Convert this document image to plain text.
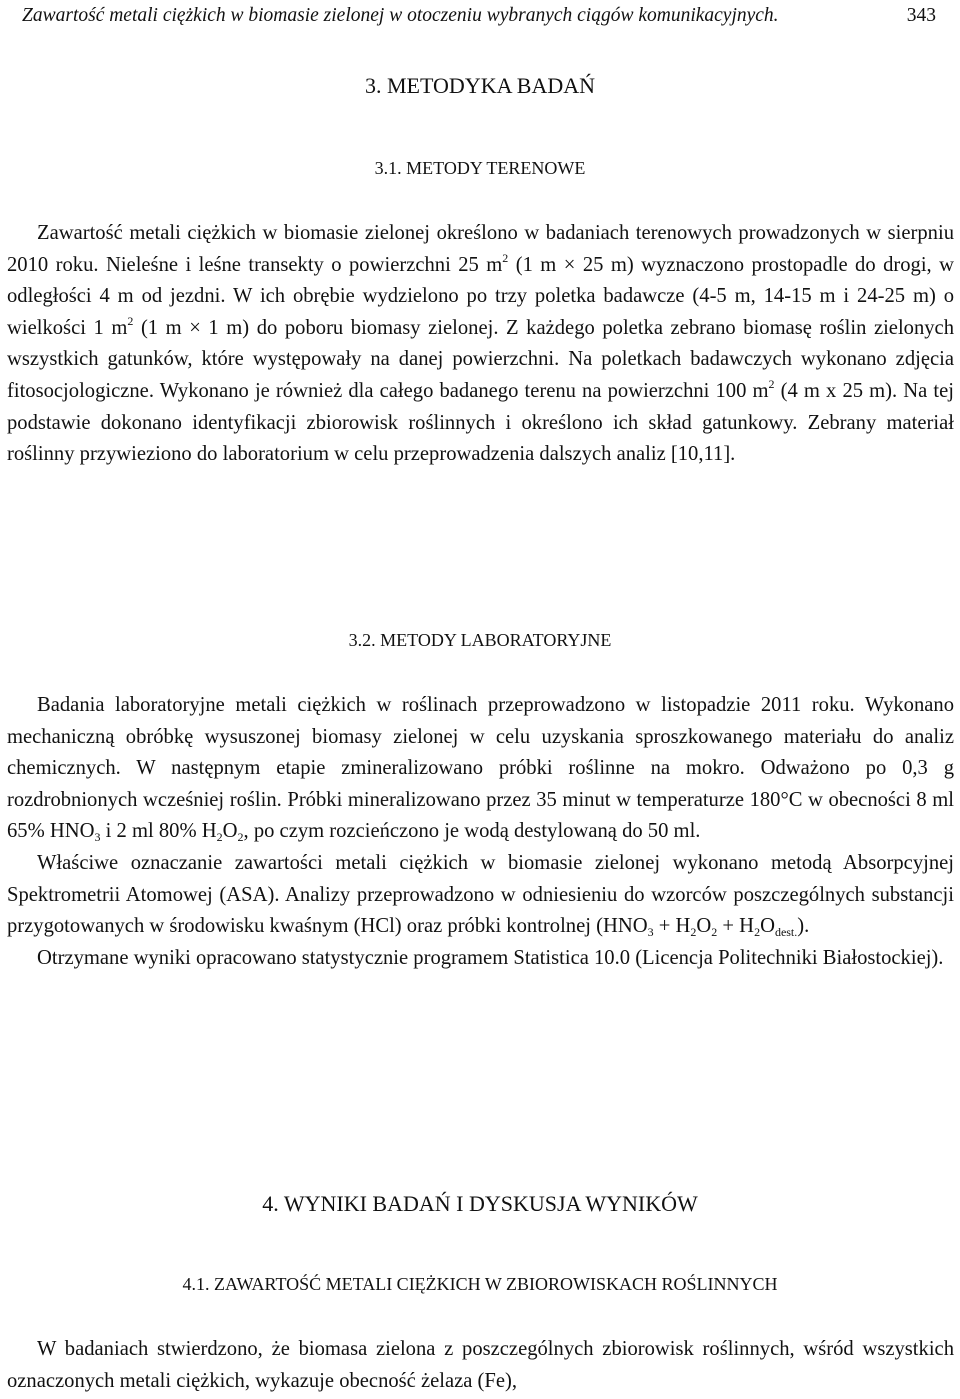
Zawartość metali ciężkich w biomasie zielonej w otoczeniu wybranych ciągów komunikacyjnych.	343
3. METODYKA BADAŃ
3.1. METODY TERENOWE

Zawartość metali ciężkich w biomasie zielonej określono w badaniach terenowych prowadzonych w sierpniu 2010 roku. Nieleśne i leśne transekty o powierzchni 25 $m^2$ (1 m × 25 m) wyznaczono prostopadle do drogi, w odległości 4 m od jezdni. W ich obrębie wydzielono po trzy poletka badawcze (4-5 m, 14-15 m i 24-25 m) o wielkości 1 $m^2$ (1 m × 1 m) do poboru biomasy zielonej. Z każdego poletka zebrano biomasę roślin zielonych wszystkich gatunków, które występowały na danej powierzchni. Na poletkach badawczych wykonano zdjęcia fitosocjologiczne. Wykonano je również dla całego badanego terenu na powierzchni 100 $m^2$ (4 m x 25 m). Na tej podstawie dokonano identyfikacji zbiorowisk roślinnych i określono ich skład gatunkowy. Zebrany materiał roślinny przywieziono do laboratorium w celu przeprowadzenia dalszych analiz [10,11].

3.2. METODY LABORATORYJNE

Badania laboratoryjne metali ciężkich w roślinach przeprowadzono w listopadzie 2011 roku. Wykonano mechaniczną obróbkę wysuszonej biomasy zielonej w celu uzyskania sproszkowanego materiału do analiz chemicznych. W następnym etapie zmineralizowano próbki roślinne na mokro. Odważono po 0,3 g rozdrobnionych wcześniej roślin. Próbki mineralizowano przez 35 minut w temperaturze 180°C w obecności 8 ml 65% $HNO_3$ i 2 ml 80% $H_2O_2$, po czym rozcieńczono je wodą destylowaną do 50 ml.

Właściwe oznaczanie zawartości metali ciężkich w biomasie zielonej wykonano metodą Absorpcyjnej Spektrometrii Atomowej (ASA). Analizy przeprowadzono w odniesieniu do wzorców poszczególnych substancji przygotowanych w środowisku kwaśnym (HCl) oraz próbki kontrolnej $(HNO_3 + H_2O_2 + H_2O_{dest.})$.

Otrzymane wyniki opracowano statystycznie programem Statistica 10.0 (Licencja Politechniki Białostockiej).

4. WYNIKI BADAŃ I DYSKUSJA WYNIKÓW
4.1. ZAWARTOŚĆ METALI CIĘŻKICH W ZBIOROWISKACH ROŚLINNYCH

W badaniach stwierdzono, że biomasa zielona z poszczególnych zbiorowisk roślinnych, wśród wszystkich oznaczonych metali ciężkich, wykazuje obecność żelaza (Fe),
